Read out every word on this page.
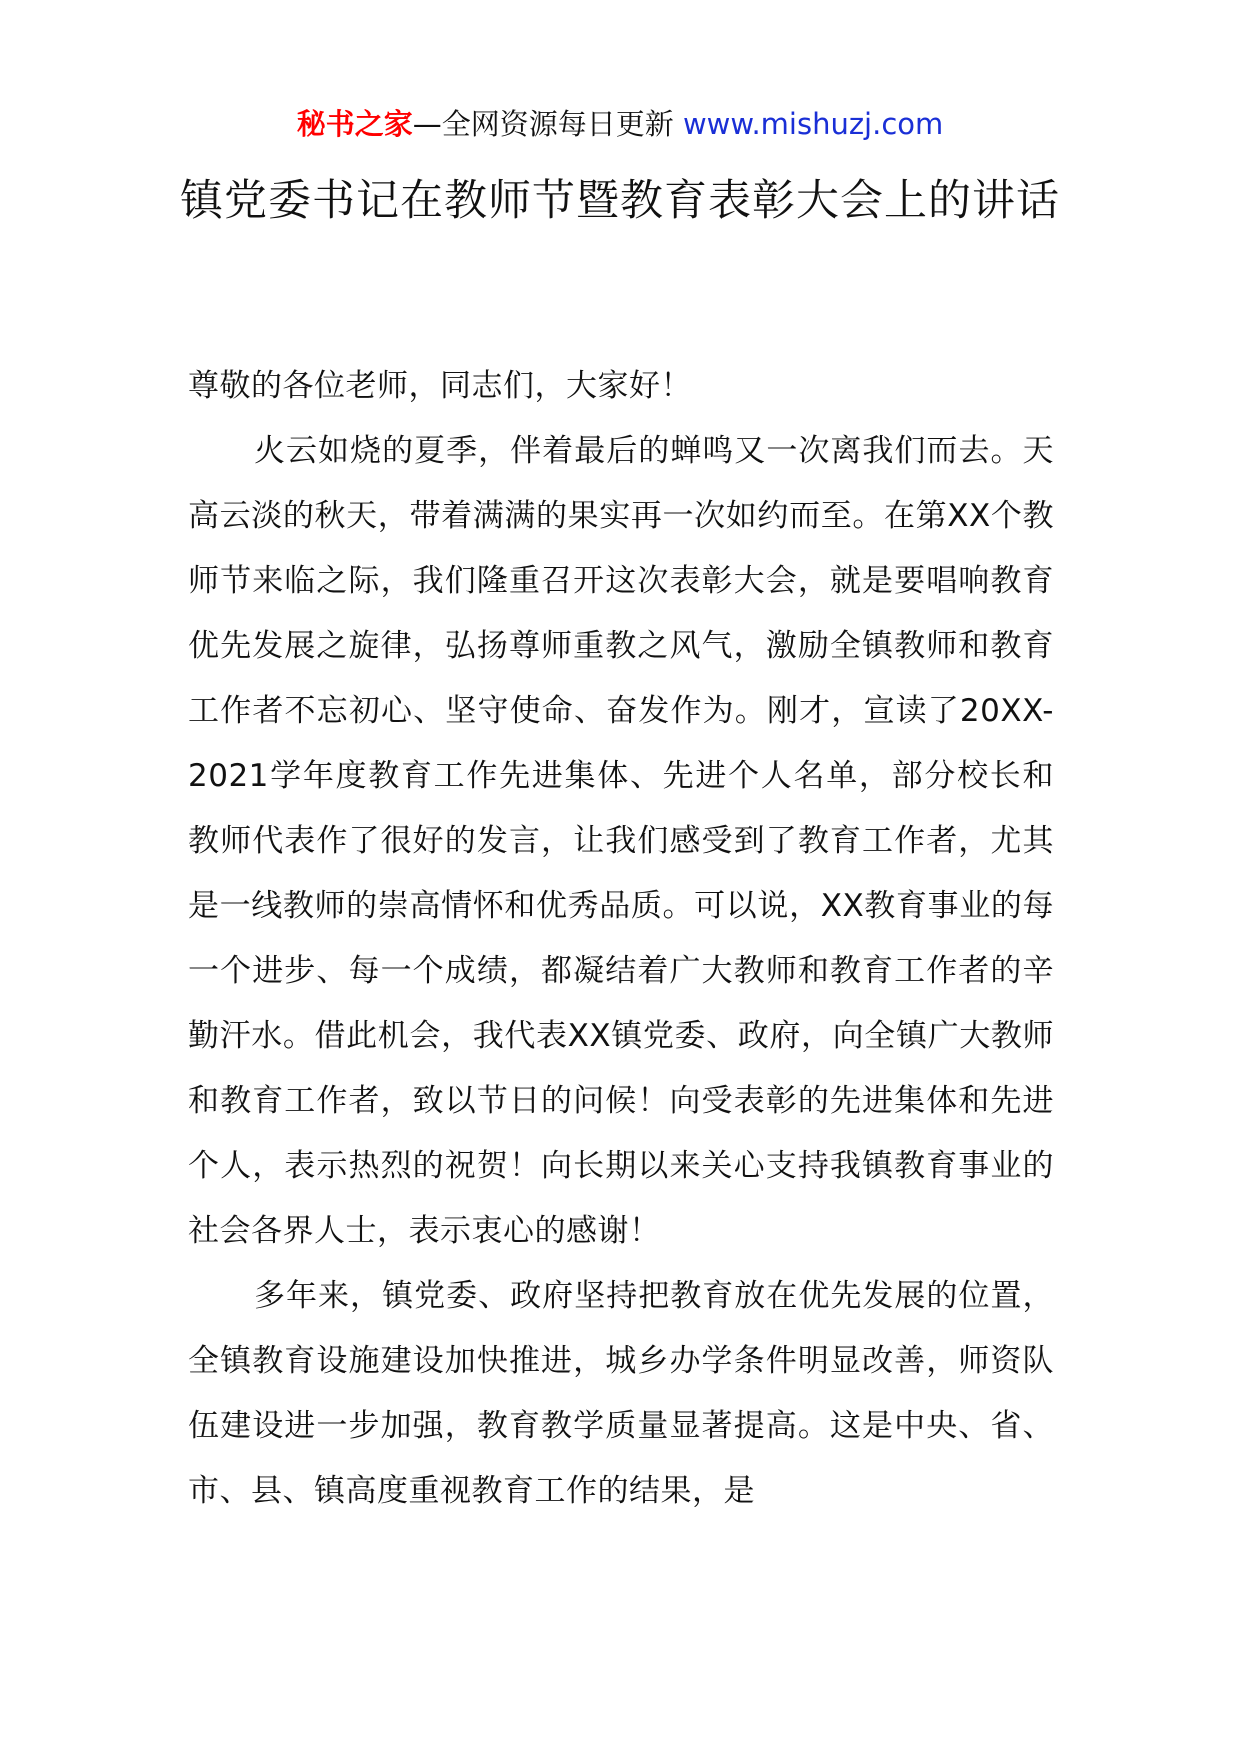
秘书之家—全网资源每日更新 www.mishuzj.com
镇党委书记在教师节暨教育表彰大会上的讲话

尊敬的各位老师，同志们，大家好！

火云如烧的夏季，伴着最后的蝉鸣又一次离我们而去。天高云淡的秋天，带着满满的果实再一次如约而至。在第XX个教师节来临之际，我们隆重召开这次表彰大会，就是要唱响教育优先发展之旋律，弘扬尊师重教之风气，激励全镇教师和教育工作者不忘初心、坚守使命、奋发作为。刚才，宣读了20XX-2021学年度教育工作先进集体、先进个人名单，部分校长和教师代表作了很好的发言，让我们感受到了教育工作者，尤其是一线教师的崇高情怀和优秀品质。可以说，XX教育事业的每一个进步、每一个成绩，都凝结着广大教师和教育工作者的辛勤汗水。借此机会，我代表XX镇党委、政府，向全镇广大教师和教育工作者，致以节日的问候！向受表彰的先进集体和先进个人，表示热烈的祝贺！向长期以来关心支持我镇教育事业的社会各界人士，表示衷心的感谢！

多年来，镇党委、政府坚持把教育放在优先发展的位置，全镇教育设施建设加快推进，城乡办学条件明显改善，师资队伍建设进一步加强，教育教学质量显著提高。这是中央、省、市、县、镇高度重视教育工作的结果，是
